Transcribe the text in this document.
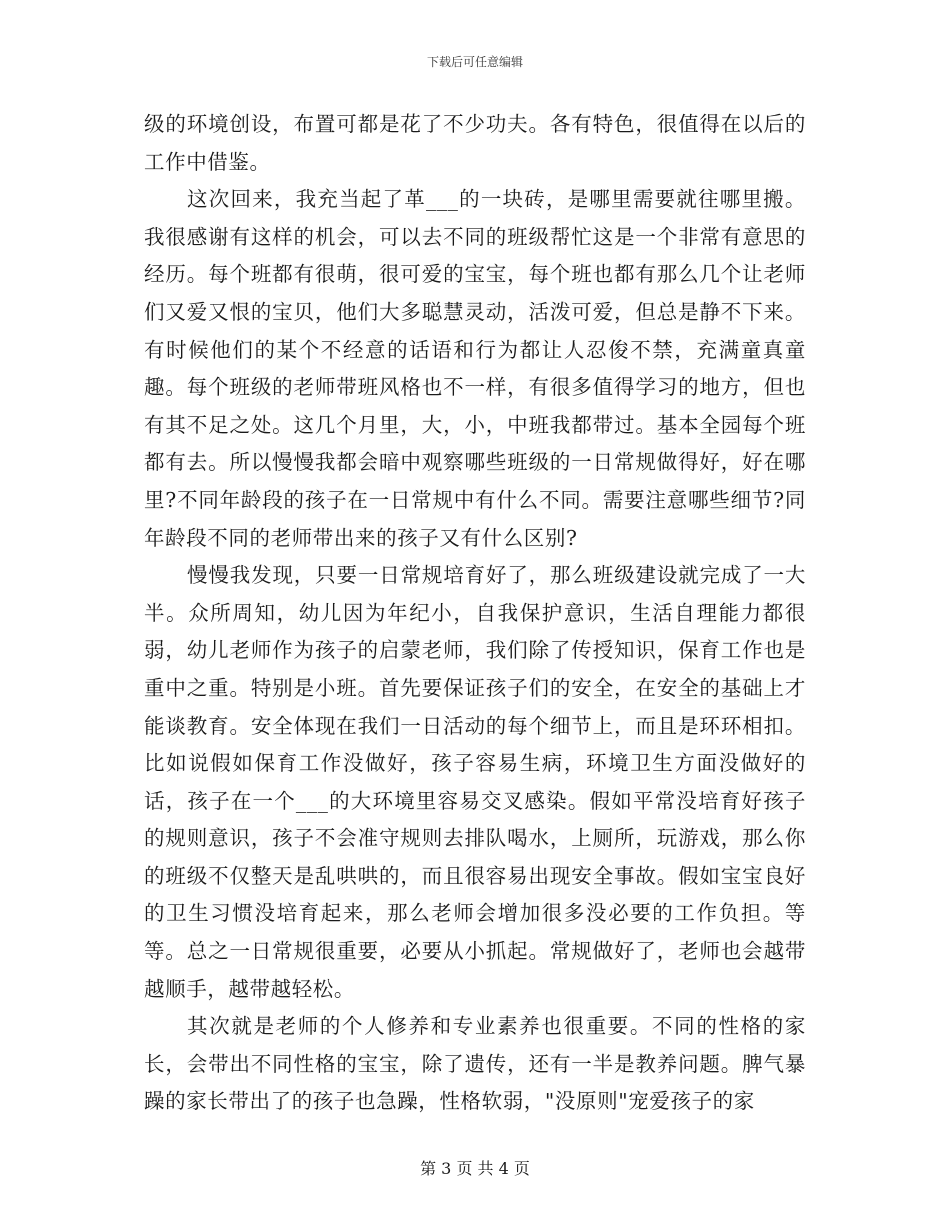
下载后可任意编辑

级的环境创设，布置可都是花了不少功夫。各有特色，很值得在以后的工作中借鉴。

这次回来，我充当起了革___的一块砖，是哪里需要就往哪里搬。我很感谢有这样的机会，可以去不同的班级帮忙这是一个非常有意思的经历。每个班都有很萌，很可爱的宝宝，每个班也都有那么几个让老师们又爱又恨的宝贝，他们大多聪慧灵动，活泼可爱，但总是静不下来。有时候他们的某个不经意的话语和行为都让人忍俊不禁，充满童真童趣。每个班级的老师带班风格也不一样，有很多值得学习的地方，但也有其不足之处。这几个月里，大，小，中班我都带过。基本全园每个班都有去。所以慢慢我都会暗中观察哪些班级的一日常规做得好，好在哪里?不同年龄段的孩子在一日常规中有什么不同。需要注意哪些细节?同年龄段不同的老师带出来的孩子又有什么区别?

慢慢我发现，只要一日常规培育好了，那么班级建设就完成了一大半。众所周知，幼儿因为年纪小，自我保护意识，生活自理能力都很弱，幼儿老师作为孩子的启蒙老师，我们除了传授知识，保育工作也是重中之重。特别是小班。首先要保证孩子们的安全，在安全的基础上才能谈教育。安全体现在我们一日活动的每个细节上，而且是环环相扣。比如说假如保育工作没做好，孩子容易生病，环境卫生方面没做好的话，孩子在一个___的大环境里容易交叉感染。假如平常没培育好孩子的规则意识，孩子不会准守规则去排队喝水，上厕所，玩游戏，那么你的班级不仅整天是乱哄哄的，而且很容易出现安全事故。假如宝宝良好的卫生习惯没培育起来，那么老师会增加很多没必要的工作负担。等等。总之一日常规很重要，必要从小抓起。常规做好了，老师也会越带越顺手，越带越轻松。

其次就是老师的个人修养和专业素养也很重要。不同的性格的家长，会带出不同性格的宝宝，除了遗传，还有一半是教养问题。脾气暴躁的家长带出了的孩子也急躁，性格软弱，"没原则"宠爱孩子的家

第 3 页 共 4 页
